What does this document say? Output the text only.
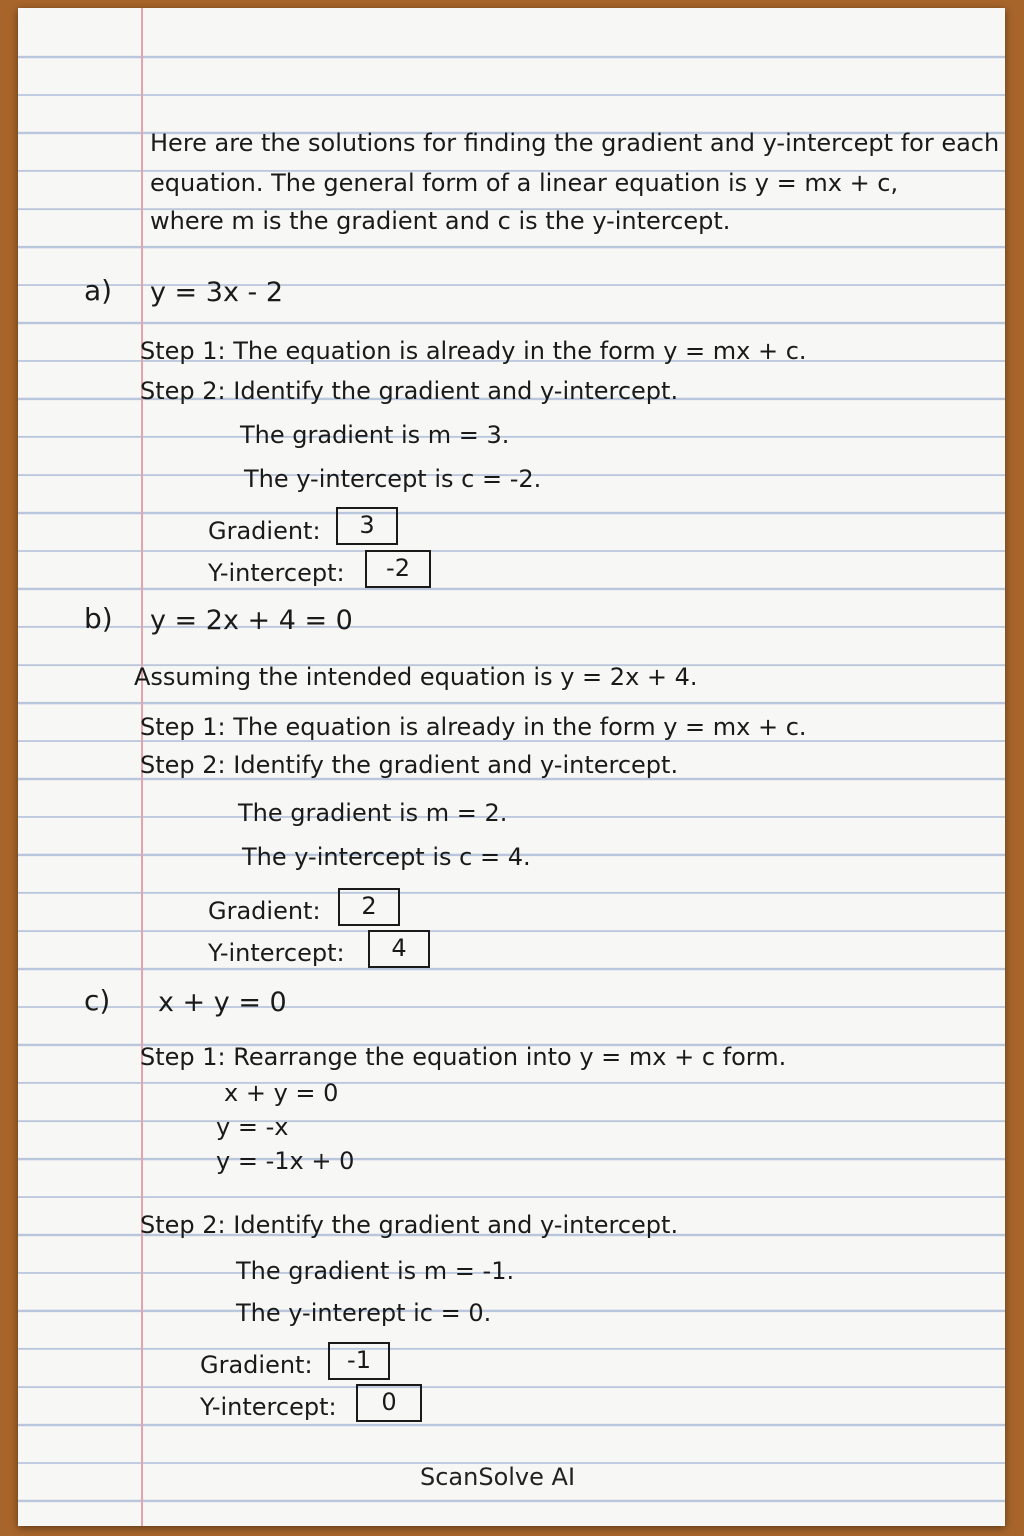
Here are the solutions for finding the gradient and y-intercept for each
equation. The general form of a linear equation is y = mx + c,
where m is the gradient and c is the y-intercept.
a) y = 3x - 2
Step 1: The equation is already in the form y = mx + c.
Step 2: Identify the gradient and y-intercept.
The gradient is m = 3.
The y-intercept is c = -2.
Gradient:	3
Y-intercept:	-2
b) y = 2x + 4 = 0
Assuming the intended equation is y = 2x + 4.
Step 1: The equation is already in the form y = mx + c.
Step 2: Identify the gradient and y-intercept.
The gradient is m = 2.
The y-intercept is c = 4.
Gradient:	2
Y-intercept:	4
c) x + y = 0
Step 1: Rearrange the equation into y = mx + c form.
x + y = 0
y = -x
y = -1x + 0
Step 2: Identify the gradient and y-intercept.
The gradient is m = -1.
The y-interept ic = 0.
Gradient:	-1
Y-intercept:	0
ScanSolve AI
